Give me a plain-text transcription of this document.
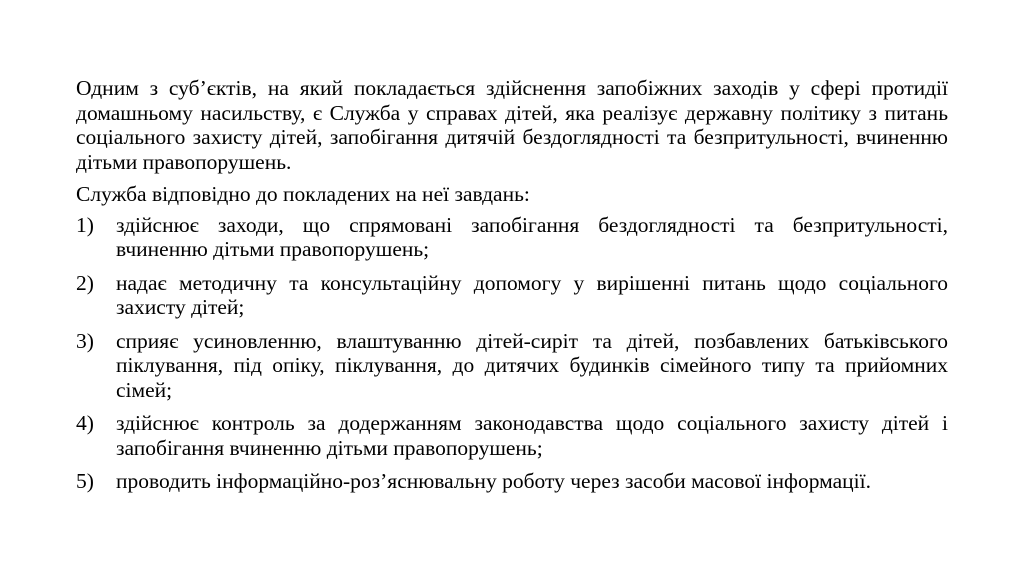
Одним з суб’єктів, на який покладається здійснення запобіжних заходів у сфері протидії домашньому насильству, є Служба у справах дітей, яка реалізує державну політику з питань соціального захисту дітей, запобігання дитячій бездоглядності та безпритульності, вчиненню дітьми правопорушень.

Служба відповідно до покладених на неї завдань:

1)	здійснює заходи, що спрямовані запобігання бездоглядності та безпритульності, вчиненню дітьми правопорушень;
2)	надає методичну та консультаційну допомогу у вирішенні питань щодо соціального захисту дітей;
3)	сприяє усиновленню, влаштуванню дітей-сиріт та дітей, позбавлених батьківського піклування, під опіку, піклування, до дитячих будинків сімейного типу та прийомних сімей;
4)	здійснює контроль за додержанням законодавства щодо соціального захисту дітей і запобігання вчиненню дітьми правопорушень;
5)	проводить інформаційно-роз’яснювальну роботу через засоби масової інформації.
